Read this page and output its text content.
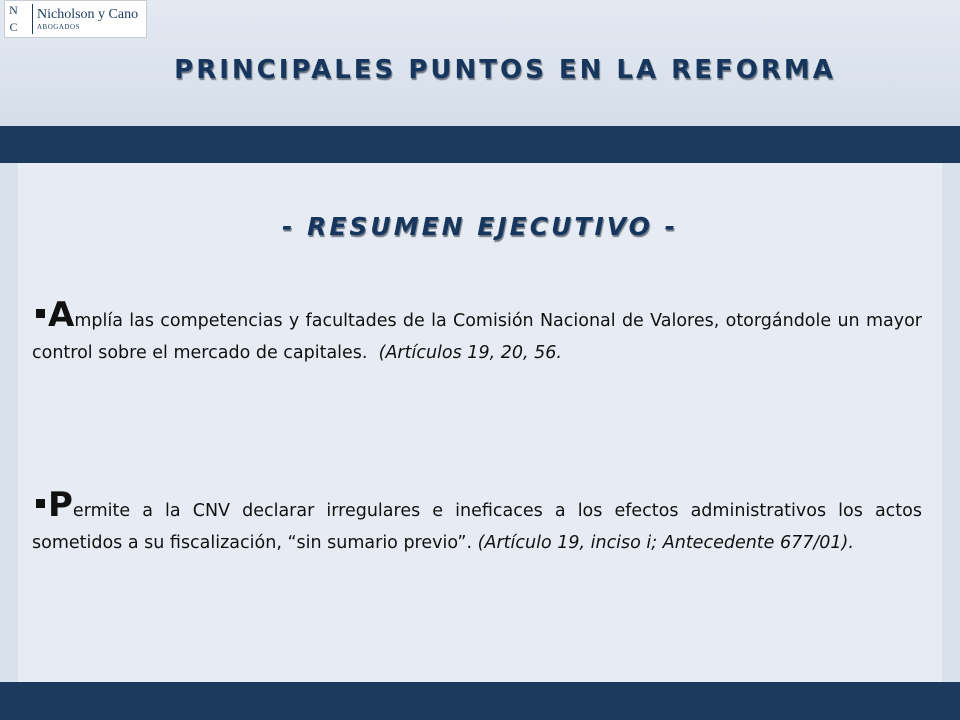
N
C
Nicholson y Cano
ABOGADOS
PRINCIPALES PUNTOS EN LA REFORMA
- RESUMEN EJECUTIVO -

Amplía las competencias y facultades de la Comisión Nacional de Valores, otorgándole un mayor control sobre el mercado de capitales. (Artículos 19, 20, 56.

Permite a la CNV declarar irregulares e ineficaces a los efectos administrativos los actos sometidos a su fiscalización, “sin sumario previo”. (Artículo 19, inciso i; Antecedente 677/01).
